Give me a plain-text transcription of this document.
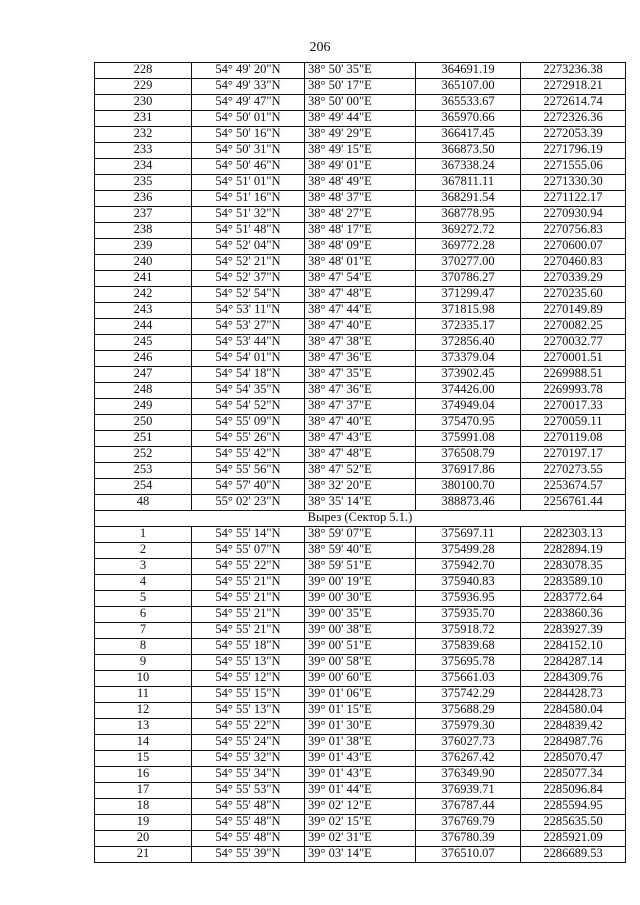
206
228	54° 49' 20"N	38° 50' 35"E	364691.19	2273236.38
229	54° 49' 33"N	38° 50' 17"E	365107.00	2272918.21
230	54° 49' 47"N	38° 50' 00"E	365533.67	2272614.74
231	54° 50' 01"N	38° 49' 44"E	365970.66	2272326.36
232	54° 50' 16"N	38° 49' 29"E	366417.45	2272053.39
233	54° 50' 31"N	38° 49' 15"E	366873.50	2271796.19
234	54° 50' 46"N	38° 49' 01"E	367338.24	2271555.06
235	54° 51' 01"N	38° 48' 49"E	367811.11	2271330.30
236	54° 51' 16"N	38° 48' 37"E	368291.54	2271122.17
237	54° 51' 32"N	38° 48' 27"E	368778.95	2270930.94
238	54° 51' 48"N	38° 48' 17"E	369272.72	2270756.83
239	54° 52' 04"N	38° 48' 09"E	369772.28	2270600.07
240	54° 52' 21"N	38° 48' 01"E	370277.00	2270460.83
241	54° 52' 37"N	38° 47' 54"E	370786.27	2270339.29
242	54° 52' 54"N	38° 47' 48"E	371299.47	2270235.60
243	54° 53' 11"N	38° 47' 44"E	371815.98	2270149.89
244	54° 53' 27"N	38° 47' 40"E	372335.17	2270082.25
245	54° 53' 44"N	38° 47' 38"E	372856.40	2270032.77
246	54° 54' 01"N	38° 47' 36"E	373379.04	2270001.51
247	54° 54' 18"N	38° 47' 35"E	373902.45	2269988.51
248	54° 54' 35"N	38° 47' 36"E	374426.00	2269993.78
249	54° 54' 52"N	38° 47' 37"E	374949.04	2270017.33
250	54° 55' 09"N	38° 47' 40"E	375470.95	2270059.11
251	54° 55' 26"N	38° 47' 43"E	375991.08	2270119.08
252	54° 55' 42"N	38° 47' 48"E	376508.79	2270197.17
253	54° 55' 56"N	38° 47' 52"E	376917.86	2270273.55
254	54° 57' 40"N	38° 32' 20"E	380100.70	2253674.57
48	55° 02' 23"N	38° 35' 14"E	388873.46	2256761.44
Вырез (Сектор 5.1.)				
1	54° 55' 14"N	38° 59' 07"E	375697.11	2282303.13
2	54° 55' 07"N	38° 59' 40"E	375499.28	2282894.19
3	54° 55' 22"N	38° 59' 51"E	375942.70	2283078.35
4	54° 55' 21"N	39° 00' 19"E	375940.83	2283589.10
5	54° 55' 21"N	39° 00' 30"E	375936.95	2283772.64
6	54° 55' 21"N	39° 00' 35"E	375935.70	2283860.36
7	54° 55' 21"N	39° 00' 38"E	375918.72	2283927.39
8	54° 55' 18"N	39° 00' 51"E	375839.68	2284152.10
9	54° 55' 13"N	39° 00' 58"E	375695.78	2284287.14
10	54° 55' 12"N	39° 00' 60"E	375661.03	2284309.76
11	54° 55' 15"N	39° 01' 06"E	375742.29	2284428.73
12	54° 55' 13"N	39° 01' 15"E	375688.29	2284580.04
13	54° 55' 22"N	39° 01' 30"E	375979.30	2284839.42
14	54° 55' 24"N	39° 01' 38"E	376027.73	2284987.76
15	54° 55' 32"N	39° 01' 43"E	376267.42	2285070.47
16	54° 55' 34"N	39° 01' 43"E	376349.90	2285077.34
17	54° 55' 53"N	39° 01' 44"E	376939.71	2285096.84
18	54° 55' 48"N	39° 02' 12"E	376787.44	2285594.95
19	54° 55' 48"N	39° 02' 15"E	376769.79	2285635.50
20	54° 55' 48"N	39° 02' 31"E	376780.39	2285921.09
21	54° 55' 39"N	39° 03' 14"E	376510.07	2286689.53
